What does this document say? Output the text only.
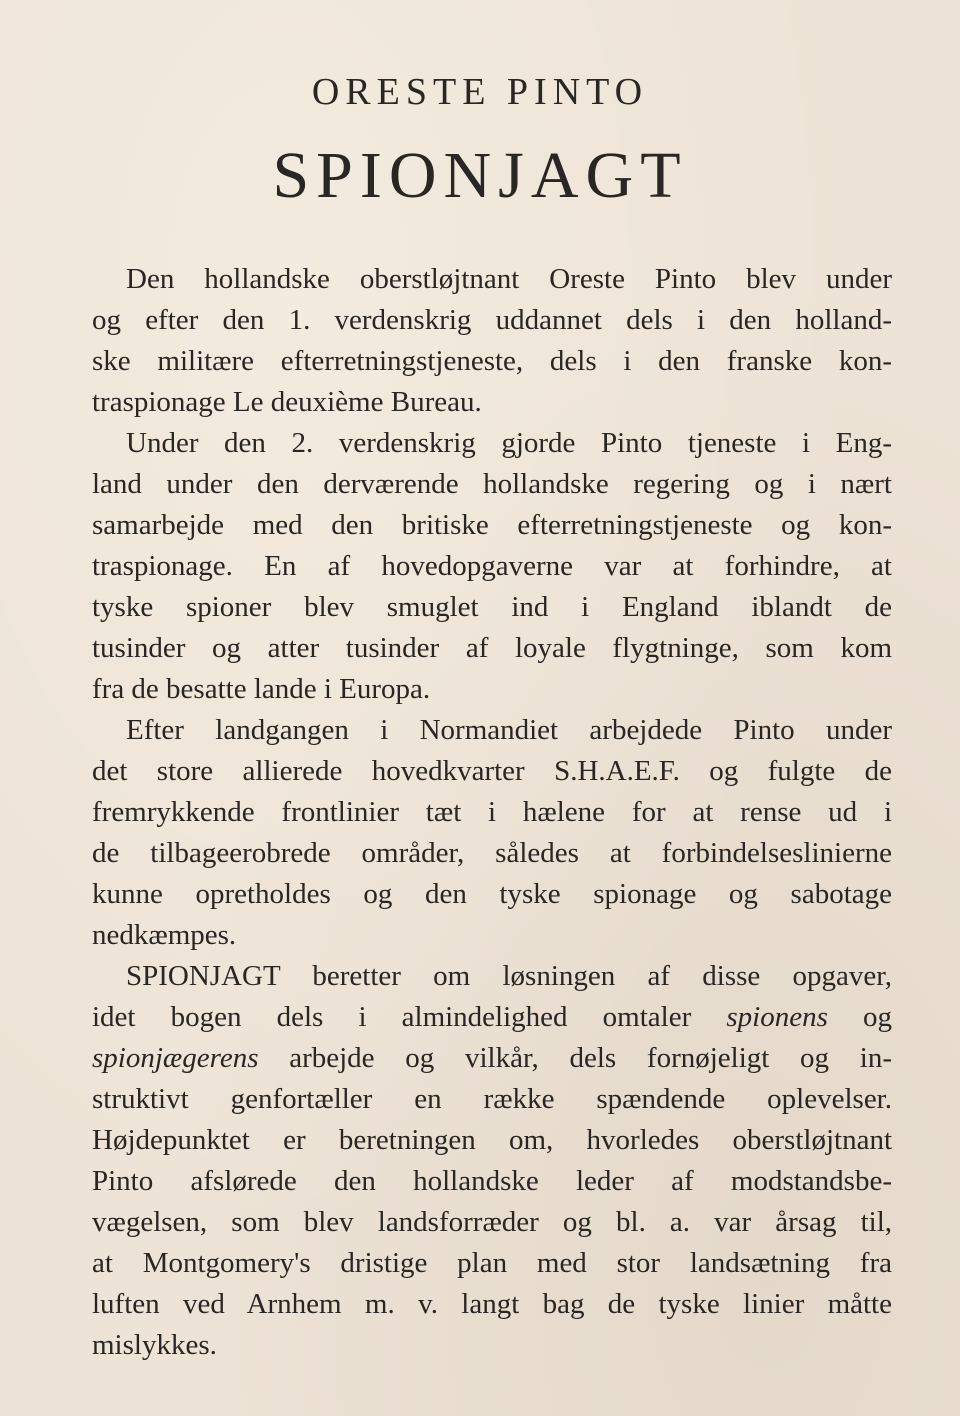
ORESTE PINTO
SPIONJAGT
Den hollandske oberstløjtnant Oreste Pinto blev under
og efter den 1. verdenskrig uddannet dels i den holland-
ske militære efterretningstjeneste, dels i den franske kon-
traspionage Le deuxième Bureau.
Under den 2. verdenskrig gjorde Pinto tjeneste i Eng-
land under den derværende hollandske regering og i nært
samarbejde med den britiske efterretningstjeneste og kon-
traspionage. En af hovedopgaverne var at forhindre, at
tyske spioner blev smuglet ind i England iblandt de
tusinder og atter tusinder af loyale flygtninge, som kom
fra de besatte lande i Europa.
Efter landgangen i Normandiet arbejdede Pinto under
det store allierede hovedkvarter S.H.A.E.F. og fulgte de
fremrykkende frontlinier tæt i hælene for at rense ud i
de tilbageerobrede områder, således at forbindelseslinierne
kunne opretholdes og den tyske spionage og sabotage
nedkæmpes.
SPIONJAGT beretter om løsningen af disse opgaver,
idet bogen dels i almindelighed omtaler spionens og
spionjægerens arbejde og vilkår, dels fornøjeligt og in-
struktivt genfortæller en række spændende oplevelser.
Højdepunktet er beretningen om, hvorledes oberstløjtnant
Pinto afslørede den hollandske leder af modstandsbe-
vægelsen, som blev landsforræder og bl. a. var årsag til,
at Montgomery's dristige plan med stor landsætning fra
luften ved Arnhem m. v. langt bag de tyske linier måtte
mislykkes.
